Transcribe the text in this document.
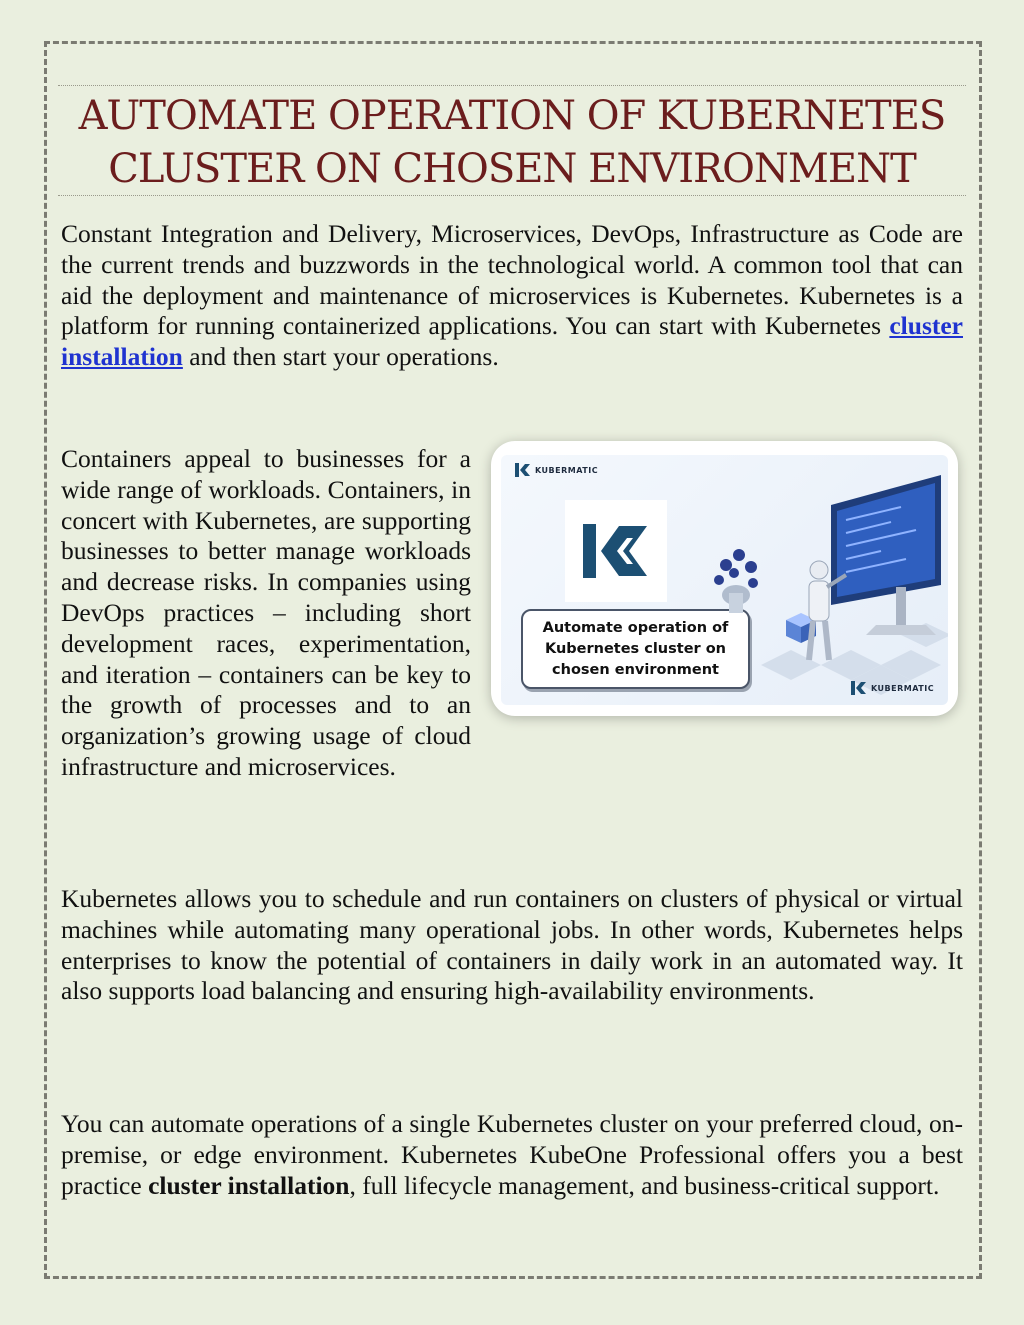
AUTOMATE OPERATION OF KUBERNETES
CLUSTER ON CHOSEN ENVIRONMENT

Constant Integration and Delivery, Microservices, DevOps, Infrastructure as Code are the current trends and buzzwords in the technological world. A common tool that can aid the deployment and maintenance of microservices is Kubernetes. Kubernetes is a platform for running containerized applications. You can start with Kubernetes cluster installation and then start your operations.

Containers appeal to businesses for a wide range of workloads. Containers, in concert with Kubernetes, are supporting businesses to better manage workloads and decrease risks. In companies using DevOps practices – including short development races, experimentation, and iteration – containers can be key to the growth of processes and to an organization’s growing usage of cloud infrastructure and microservices.

KUBERMATIC
Automate operation of
Kubernetes cluster on
chosen environment
KUBERMATIC

Kubernetes allows you to schedule and run containers on clusters of physical or virtual machines while automating many operational jobs. In other words, Kubernetes helps enterprises to know the potential of containers in daily work in an automated way. It also supports load balancing and ensuring high-availability environments.

You can automate operations of a single Kubernetes cluster on your preferred cloud, on-premise, or edge environment. Kubernetes KubeOne Professional offers you a best practice cluster installation, full lifecycle management, and business-critical support.
